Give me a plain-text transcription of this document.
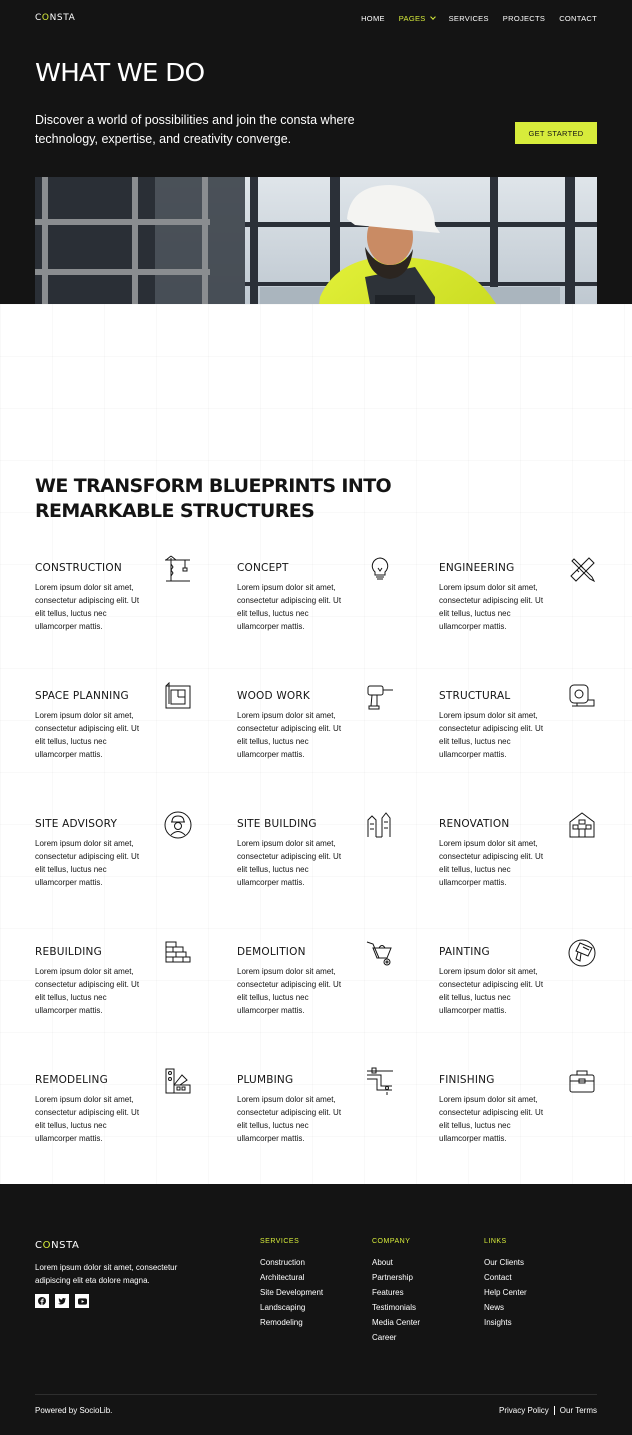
CONSTA	HOME PAGES	SERVICES PROJECTS CONTACT
WHAT WE DO

Discover a world of possibilities and join the consta where technology, expertise, and creativity converge.	GET STARTED
WE TRANSFORM BLUEPRINTS INTO REMARKABLE STRUCTURES
CONSTRUCTION

Lorem ipsum dolor sit amet, consectetur adipiscing elit. Ut elit tellus, luctus nec ullamcorper mattis.

CONCEPT

Lorem ipsum dolor sit amet, consectetur adipiscing elit. Ut elit tellus, luctus nec ullamcorper mattis.

ENGINEERING

Lorem ipsum dolor sit amet, consectetur adipiscing elit. Ut elit tellus, luctus nec ullamcorper mattis.

SPACE PLANNING

Lorem ipsum dolor sit amet, consectetur adipiscing elit. Ut elit tellus, luctus nec ullamcorper mattis.

WOOD WORK

Lorem ipsum dolor sit amet, consectetur adipiscing elit. Ut elit tellus, luctus nec ullamcorper mattis.

STRUCTURAL

Lorem ipsum dolor sit amet, consectetur adipiscing elit. Ut elit tellus, luctus nec ullamcorper mattis.

SITE ADVISORY

Lorem ipsum dolor sit amet, consectetur adipiscing elit. Ut elit tellus, luctus nec ullamcorper mattis.

SITE BUILDING

Lorem ipsum dolor sit amet, consectetur adipiscing elit. Ut elit tellus, luctus nec ullamcorper mattis.

RENOVATION

Lorem ipsum dolor sit amet, consectetur adipiscing elit. Ut elit tellus, luctus nec ullamcorper mattis.

REBUILDING

Lorem ipsum dolor sit amet, consectetur adipiscing elit. Ut elit tellus, luctus nec ullamcorper mattis.

DEMOLITION

Lorem ipsum dolor sit amet, consectetur adipiscing elit. Ut elit tellus, luctus nec ullamcorper mattis.

PAINTING

Lorem ipsum dolor sit amet, consectetur adipiscing elit. Ut elit tellus, luctus nec ullamcorper mattis.

REMODELING

Lorem ipsum dolor sit amet, consectetur adipiscing elit. Ut elit tellus, luctus nec ullamcorper mattis.

PLUMBING

Lorem ipsum dolor sit amet, consectetur adipiscing elit. Ut elit tellus, luctus nec ullamcorper mattis.

FINISHING

Lorem ipsum dolor sit amet, consectetur adipiscing elit. Ut elit tellus, luctus nec ullamcorper mattis.

CONSTA

Lorem ipsum dolor sit amet, consectetur adipiscing elit eta dolore magna.

SERVICES
Construction
Architectural
Site Development
Landscaping
Remodeling
COMPANY
About
Partnership
Features
Testimonials
Media Center
Career
LINKS
Our Clients
Contact
Help Center
News
Insights
Powered by SocioLib.	Privacy Policy Our Terms
